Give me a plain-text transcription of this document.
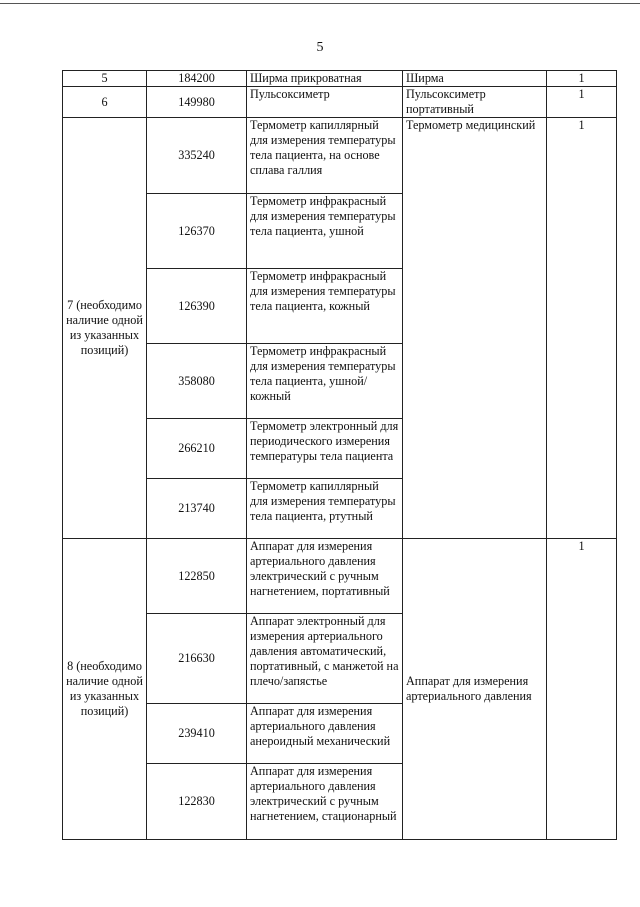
5
5	184200	Ширма прикроватная	Ширма	1
6	149980	Пульсоксиметр	Пульсоксиметр портативный	1
7 (необходимо наличие одной из указанных позиций)	335240	Термометр капиллярный для измерения температуры тела пациента, на основе сплава галлия	Термометр медицинский	1
	126370	Термометр инфракрасный для измерения температуры тела пациента, ушной		
	126390	Термометр инфракрасный для измерения температуры тела пациента, кожный		
	358080	Термометр инфракрасный для измерения температуры тела пациента, ушной/кожный		
	266210	Термометр электронный для периодического измерения температуры тела пациента		
	213740	Термометр капиллярный для измерения температуры тела пациента, ртутный		
8 (необходимо наличие одной из указанных позиций)	122850	Аппарат для измерения артериального давления электрический с ручным нагнетением, портативный	Аппарат для измерения артериального давления	1
	216630	Аппарат электронный для измерения артериального давления автоматический, портативный, с манжетой на плечо/запястье		
	239410	Аппарат для измерения артериального давления анероидный механический		
	122830	Аппарат для измерения артериального давления электрический с ручным нагнетением, стационарный		
